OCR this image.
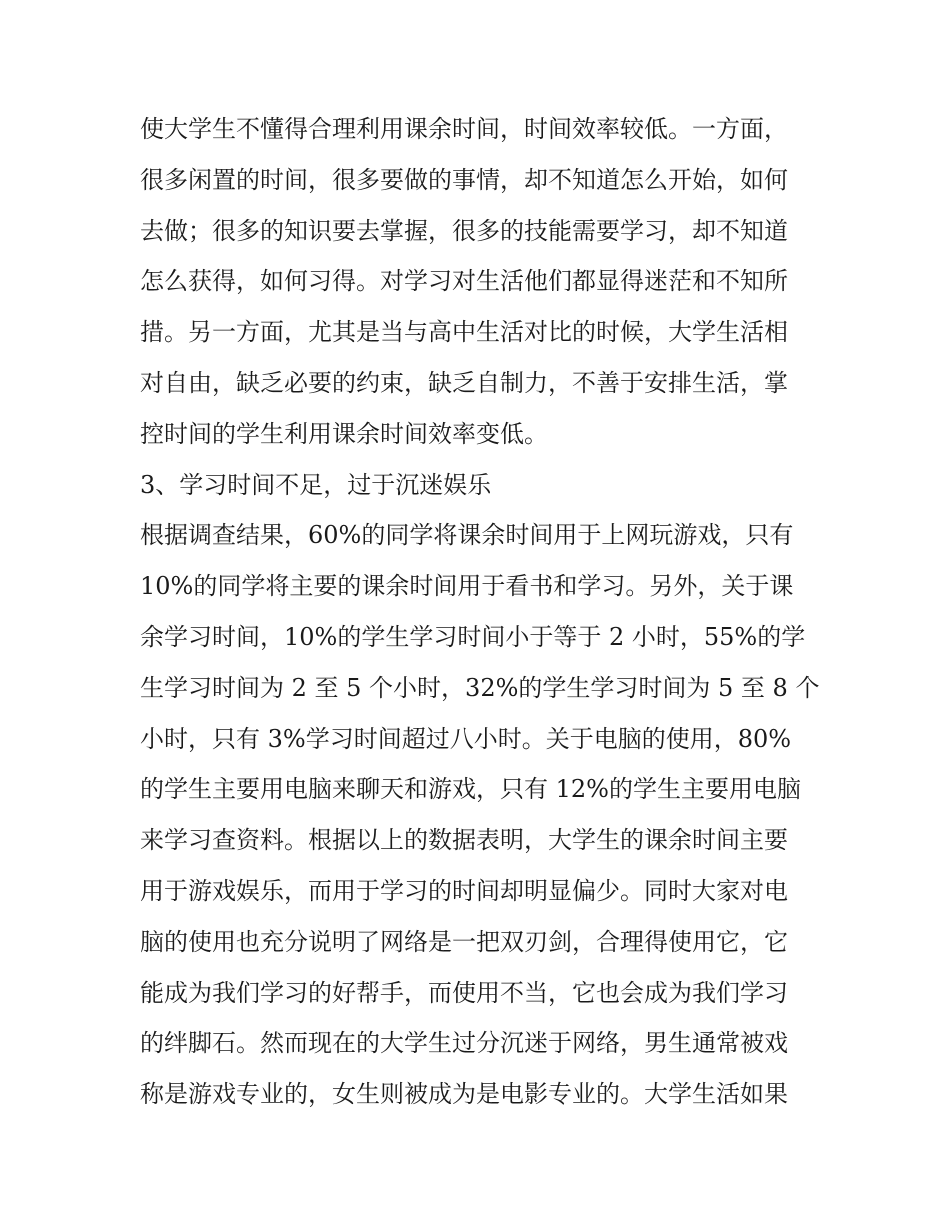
使大学生不懂得合理利用课余时间，时间效率较低。一方面，
很多闲置的时间，很多要做的事情，却不知道怎么开始，如何
去做；很多的知识要去掌握，很多的技能需要学习，却不知道
怎么获得，如何习得。对学习对生活他们都显得迷茫和不知所
措。另一方面，尤其是当与高中生活对比的时候，大学生活相
对自由，缺乏必要的约束，缺乏自制力，不善于安排生活，掌
控时间的学生利用课余时间效率变低。
3、学习时间不足，过于沉迷娱乐
根据调查结果，60%的同学将课余时间用于上网玩游戏，只有
10%的同学将主要的课余时间用于看书和学习。另外，关于课
余学习时间，10%的学生学习时间小于等于 2 小时，55%的学
生学习时间为 2 至 5 个小时，32%的学生学习时间为 5 至 8 个
小时，只有 3%学习时间超过八小时。关于电脑的使用，80%
的学生主要用电脑来聊天和游戏，只有 12%的学生主要用电脑
来学习查资料。根据以上的数据表明，大学生的课余时间主要
用于游戏娱乐，而用于学习的时间却明显偏少。同时大家对电
脑的使用也充分说明了网络是一把双刃剑，合理得使用它，它
能成为我们学习的好帮手，而使用不当，它也会成为我们学习
的绊脚石。然而现在的大学生过分沉迷于网络，男生通常被戏
称是游戏专业的，女生则被成为是电影专业的。大学生活如果
